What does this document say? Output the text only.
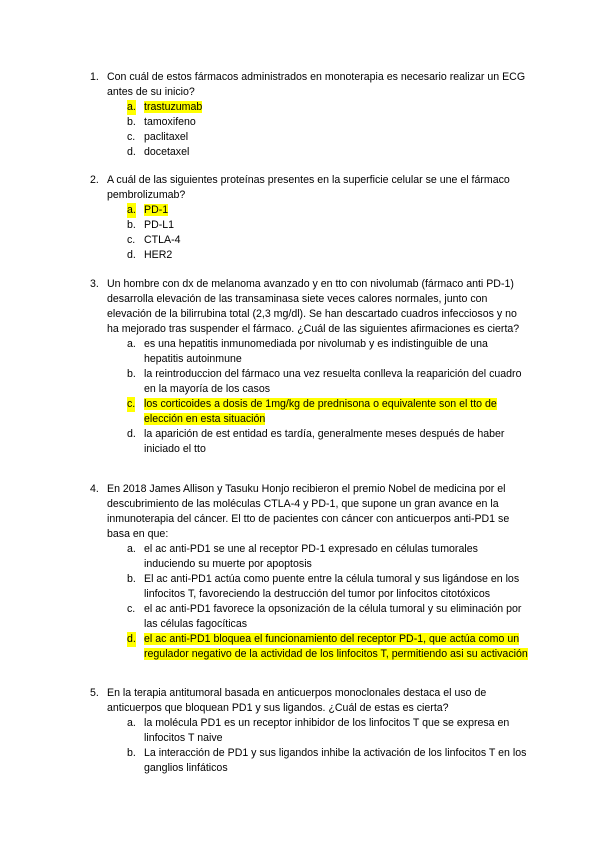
1. Con cuál de estos fármacos administrados en monoterapia es necesario realizar un ECG antes de su inicio?
a. trastuzumab
b. tamoxifeno
c. paclitaxel
d. docetaxel
2. A cuál de las siguientes proteínas presentes en la superficie celular se une el fármaco pembrolizumab?
a. PD-1
b. PD-L1
c. CTLA-4
d. HER2
3. Un hombre con dx de melanoma avanzado y en tto con nivolumab (fármaco anti PD-1) desarrolla elevación de las transaminasa siete veces calores normales, junto con elevación de la bilirrubina total (2,3 mg/dl). Se han descartado cuadros infecciosos y no ha mejorado tras suspender el fármaco. ¿Cuál de las siguientes afirmaciones es cierta?
a. es una hepatitis inmunomediada por nivolumab y es indistinguible de una hepatitis autoinmune
b. la reintroduccion del fármaco una vez resuelta conlleva la reaparición del cuadro en la mayoría de los casos
c. los corticoides a dosis de 1mg/kg de prednisona o equivalente son el tto de elección en esta situación
d. la aparición de est entidad es tardía, generalmente meses después de haber iniciado el tto
4. En 2018 James Allison y Tasuku Honjo recibieron el premio Nobel de medicina por el descubrimiento de las moléculas CTLA-4 y PD-1, que supone un gran avance en la inmunoterapia del cáncer. El tto de pacientes con cáncer con anticuerpos anti-PD1 se basa en que:
a. el ac anti-PD1 se une al receptor PD-1 expresado en células tumorales induciendo su muerte por apoptosis
b. El ac anti-PD1 actúa como puente entre la célula tumoral y sus ligándose en los linfocitos T, favoreciendo la destrucción del tumor por linfocitos citotóxicos
c. el ac anti-PD1 favorece la opsonización de la célula tumoral y su eliminación por las células fagocíticas
d. el ac anti-PD1 bloquea el funcionamiento del receptor PD-1, que actúa como un regulador negativo de la actividad de los linfocitos T, permitiendo asi su activación
5. En la terapia antitumoral basada en anticuerpos monoclonales destaca el uso de anticuerpos que bloquean PD1 y sus ligandos. ¿Cuál de estas es cierta?
a. la molécula PD1 es un receptor inhibidor de los linfocitos T que se expresa en linfocitos T naive
b. La interacción de PD1 y sus ligandos inhibe la activación de los linfocitos T en los ganglios linfáticos
